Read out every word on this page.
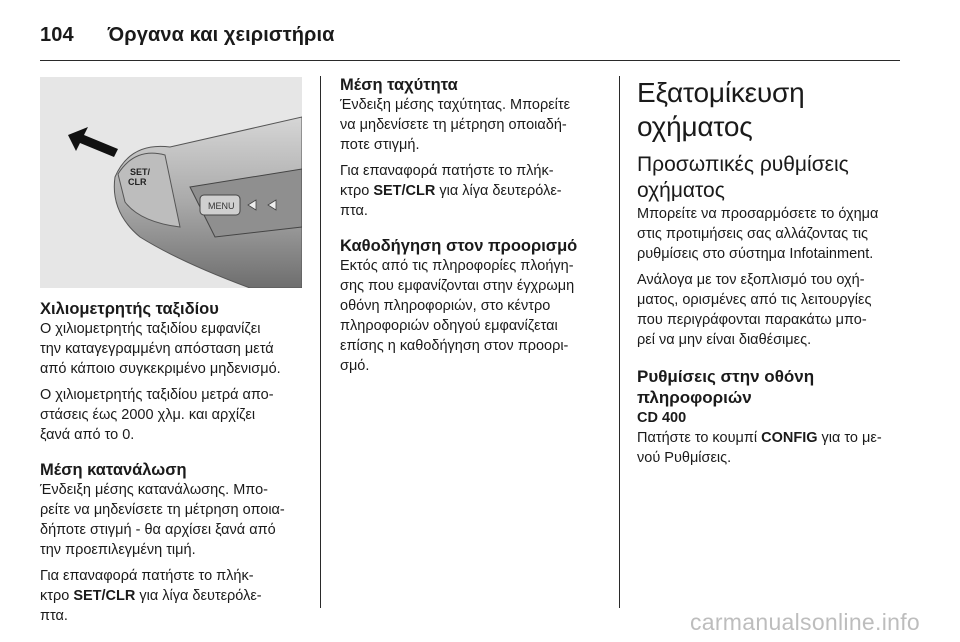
104 Όργανα και χειριστήρια
SET/
CLR
MENU
Χιλιομετρητής ταξιδίου

Ο χιλιομετρητής ταξιδίου εμφανίζει
την καταγεγραμμένη απόσταση μετά
από κάποιο συγκεκριμένο μηδενισμό.

Ο χιλιομετρητής ταξιδίου μετρά απο-
στάσεις έως 2000 χλμ. και αρχίζει
ξανά από το 0.

Μέση κατανάλωση

Ένδειξη μέσης κατανάλωσης. Μπο-
ρείτε να μηδενίσετε τη μέτρηση οποια-
δήποτε στιγμή - θα αρχίσει ξανά από
την προεπιλεγμένη τιμή.

Για επαναφορά πατήστε το πλήκ-
κτρο SET/CLR για λίγα δευτερόλε-
πτα.

Μέση ταχύτητα

Ένδειξη μέσης ταχύτητας. Μπορείτε
να μηδενίσετε τη μέτρηση οποιαδή-
ποτε στιγμή.

Για επαναφορά πατήστε το πλήκ-
κτρο SET/CLR για λίγα δευτερόλε-
πτα.

Καθοδήγηση στον προορισμό

Εκτός από τις πληροφορίες πλοήγη-
σης που εμφανίζονται στην έγχρωμη
οθόνη πληροφοριών, στο κέντρο
πληροφοριών οδηγού εμφανίζεται
επίσης η καθοδήγηση στον προορι-
σμό.

Εξατομίκευση οχήματος
Προσωπικές ρυθμίσεις
οχήματος

Μπορείτε να προσαρμόσετε το όχημα
στις προτιμήσεις σας αλλάζοντας τις
ρυθμίσεις στο σύστημα Infotainment.

Ανάλογα με τον εξοπλισμό του οχή-
ματος, ορισμένες από τις λειτουργίες
που περιγράφονται παρακάτω μπο-
ρεί να μην είναι διαθέσιμες.

Ρυθμίσεις στην οθόνη
πληροφοριών
CD 400

Πατήστε το κουμπί CONFIG για το με-
νού Ρυθμίσεις.

carmanualsonline.info
